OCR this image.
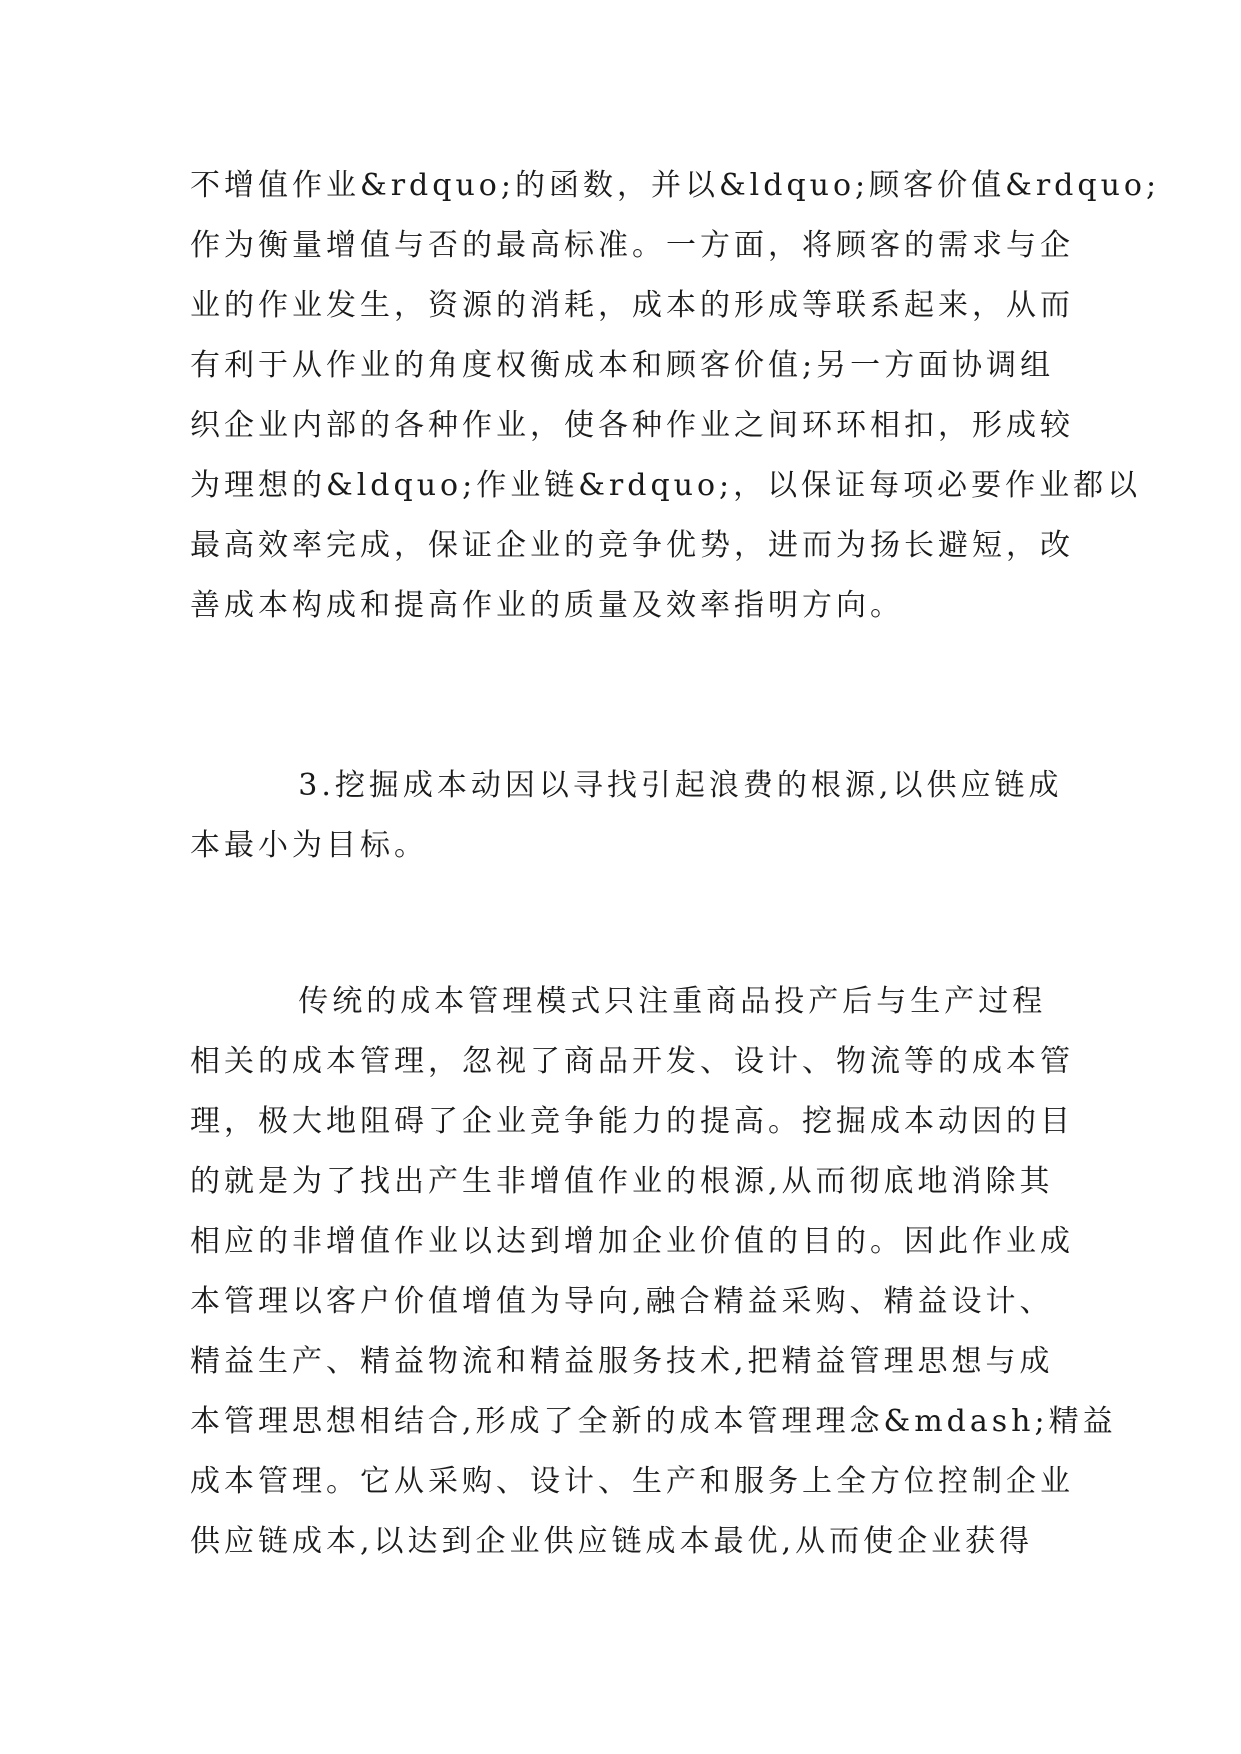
不增值作业&rdquo;的函数，并以&ldquo;顾客价值&rdquo;
作为衡量增值与否的最高标准。一方面，将顾客的需求与企
业的作业发生，资源的消耗，成本的形成等联系起来，从而
有利于从作业的角度权衡成本和顾客价值;另一方面协调组
织企业内部的各种作业，使各种作业之间环环相扣，形成较
为理想的&ldquo;作业链&rdquo;，以保证每项必要作业都以
最高效率完成，保证企业的竞争优势，进而为扬长避短，改
善成本构成和提高作业的质量及效率指明方向。
3.挖掘成本动因以寻找引起浪费的根源,以供应链成
本最小为目标。
传统的成本管理模式只注重商品投产后与生产过程
相关的成本管理，忽视了商品开发、设计、物流等的成本管
理，极大地阻碍了企业竞争能力的提高。挖掘成本动因的目
的就是为了找出产生非增值作业的根源,从而彻底地消除其
相应的非增值作业以达到增加企业价值的目的。因此作业成
本管理以客户价值增值为导向,融合精益采购、精益设计、
精益生产、精益物流和精益服务技术,把精益管理思想与成
本管理思想相结合,形成了全新的成本管理理念&mdash;精益
成本管理。它从采购、设计、生产和服务上全方位控制企业
供应链成本,以达到企业供应链成本最优,从而使企业获得
